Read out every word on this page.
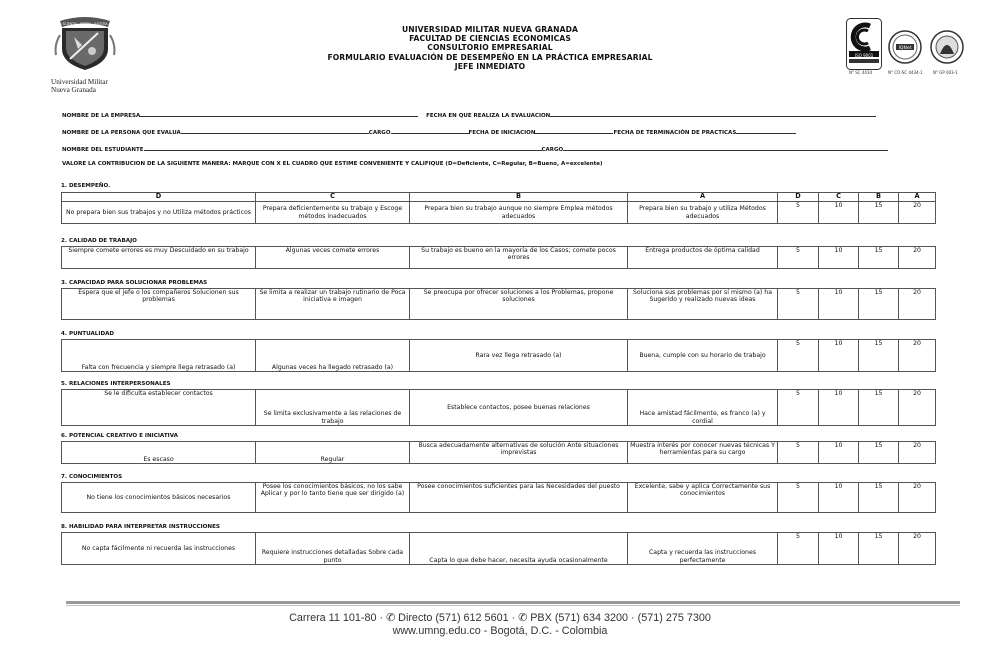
SCIENTIA · PATRIA · JUSTITIA
Universidad Militar
Nueva Granada
UNIVERSIDAD MILITAR NUEVA GRANADA
FACULTAD DE CIENCIAS ECONOMICAS
CONSULTORIO EMPRESARIAL
FORMULARIO EVALUACIÓN DE DESEMPEÑO EN LA PRÁCTICA EMPRESARIAL
JEFE INMEDIATO
ISO 9001
N° SC 4434
IQNet
N° CO-SC 4434-1	N° GP 003-1
NOMBRE DE LA EMPRESA	FECHA EN QUE REALIZA LA EVALUACION
NOMBRE DE LA PERSONA QUE EVALUA	CARGO	FECHA DE INICIACION	FECHA DE TERMINACIÓN DE PRACTICAS
NOMBRE DEL ESTUDIANTE	CARGO
VALORE LA CONTRIBUCION DE LA SIGUIENTE MANERA: MARQUE CON X EL CUADRO QUE ESTIME CONVENIENTE Y CALIFIQUE (D=Deficiente, C=Regular, B=Bueno, A=excelente)
1. DESEMPEÑO.
D	C	B	A	D	C	B	A
No prepara bien sus trabajos y no Utiliza métodos prácticos	Prepara deficientemente su trabajo y Escoge métodos inadecuados	Prepara bien su trabajo aunque no siempre Emplea métodos adecuados	Prepara bien su trabajo y utiliza Métodos adecuados	5	10	15	20
2. CALIDAD DE TRABAJO
Siempre comete errores es muy Descuidado en su trabajo	Algunas veces comete errores	Su trabajo es bueno en la mayoría de los Casos; comete pocos errores	Entrega productos de óptima calidad	5	10	15	20
3. CAPACIDAD PARA SOLUCIONAR PROBLEMAS
Espera que el jefe o los compañeros Solucionen sus problemas	Se limita a realizar un trabajo rutinario de Poca iniciativa e imagen	Se preocupa por ofrecer soluciones a los Problemas, propone soluciones	Soluciona sus problemas por sí mismo (a) ha Sugerido y realizado nuevas ideas	5	10	15	20
4. PUNTUALIDAD
Falta con frecuencia y siempre llega retrasado (a)	Algunas veces ha llegado retrasado (a)	Rara vez llega retrasado (a)	Buena, cumple con su horario de trabajo	5	10	15	20
5. RELACIONES INTERPERSONALES
Se le dificulta establecer contactos	Se limita exclusivamente a las relaciones de trabajo	Establece contactos, posee buenas relaciones	Hace amistad fácilmente, es franco (a) y cordial	5	10	15	20
6. POTENCIAL CREATIVO E INICIATIVA
Es escaso	Regular	Busca adecuadamente alternativas de solución Ante situaciones imprevistas	Muestra interés por conocer nuevas técnicas Y herramientas para su cargo	5	10	15	20
7. CONOCIMIENTOS
No tiene los conocimientos básicos necesarios	Posee los conocimientos básicos, no los sabe Aplicar y por lo tanto tiene que ser dirigido (a)	Posee conocimientos suficientes para las Necesidades del puesto	Excelente, sabe y aplica Correctamente sus conocimientos	5	10	15	20
8. HABILIDAD PARA INTERPRETAR INSTRUCCIONES
No capta fácilmente ni recuerda las instrucciones	Requiere instrucciones detalladas Sobre cada punto	Capta lo que debe hacer, necesita ayuda ocasionalmente	Capta y recuerda las instrucciones perfectamente	5	10	15	20
Carrera 11 101-80 · ✆ Directo (571) 612 5601 · ✆ PBX (571) 634 3200 · (571) 275 7300
www.umng.edu.co - Bogotá, D.C. - Colombia
